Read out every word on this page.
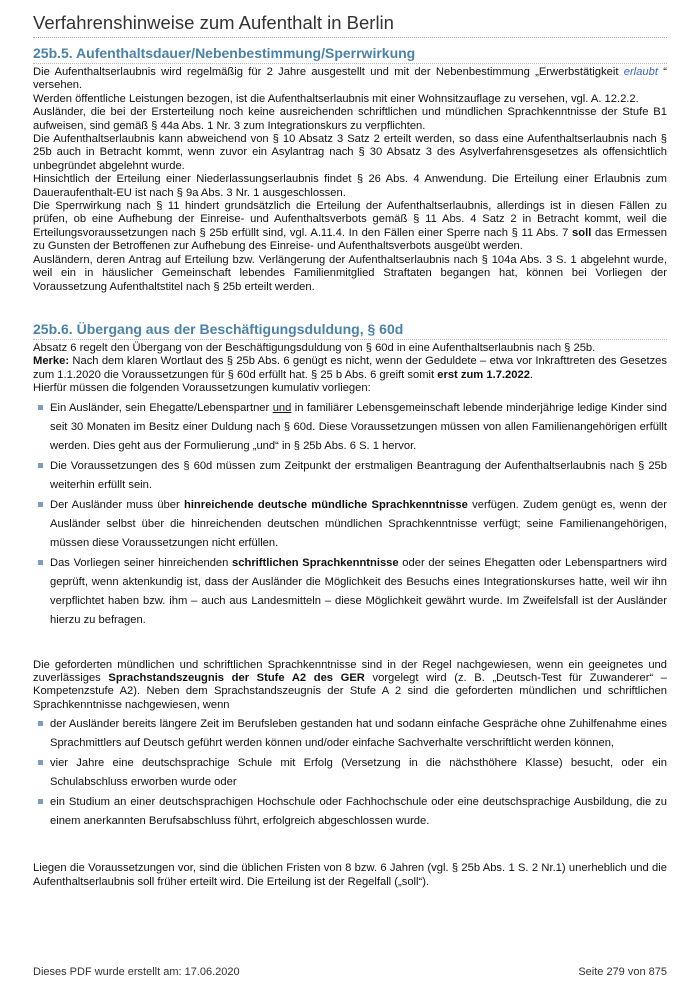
Verfahrenshinweise zum Aufenthalt in Berlin
25b.5. Aufenthaltsdauer/Nebenbestimmung/Sperrwirkung

Die Aufenthaltserlaubnis wird regelmäßig für 2 Jahre ausgestellt und mit der Nebenbestimmung „Erwerbstätigkeit erlaubt “ versehen.

Werden öffentliche Leistungen bezogen, ist die Aufenthaltserlaubnis mit einer Wohnsitzauflage zu versehen, vgl. A. 12.2.2.

Ausländer, die bei der Ersterteilung noch keine ausreichenden schriftlichen und mündlichen Sprachkenntnisse der Stufe B1 aufweisen, sind gemäß § 44a Abs. 1 Nr. 3 zum Integrationskurs zu verpflichten.

Die Aufenthaltserlaubnis kann abweichend von § 10 Absatz 3 Satz 2 erteilt werden, so dass eine Aufenthaltserlaubnis nach § 25b auch in Betracht kommt, wenn zuvor ein Asylantrag nach § 30 Absatz 3 des Asylverfahrensgesetzes als offensichtlich unbegründet abgelehnt wurde.

Hinsichtlich der Erteilung einer Niederlassungserlaubnis findet § 26 Abs. 4 Anwendung. Die Erteilung einer Erlaubnis zum Daueraufenthalt-EU ist nach § 9a Abs. 3 Nr. 1 ausgeschlossen.

Die Sperrwirkung nach § 11 hindert grundsätzlich die Erteilung der Aufenthaltserlaubnis, allerdings ist in diesen Fällen zu prüfen, ob eine Aufhebung der Einreise- und Aufenthaltsverbots gemäß § 11 Abs. 4 Satz 2 in Betracht kommt, weil die Erteilungsvoraussetzungen nach § 25b erfüllt sind, vgl. A.11.4. In den Fällen einer Sperre nach § 11 Abs. 7 soll das Ermessen zu Gunsten der Betroffenen zur Aufhebung des Einreise- und Aufenthaltsverbots ausgeübt werden.

Ausländern, deren Antrag auf Erteilung bzw. Verlängerung der Aufenthaltserlaubnis nach § 104a Abs. 3 S. 1 abgelehnt wurde, weil ein in häuslicher Gemeinschaft lebendes Familienmitglied Straftaten begangen hat, können bei Vorliegen der Voraussetzung Aufenthaltstitel nach § 25b erteilt werden.

25b.6. Übergang aus der Beschäftigungsduldung, § 60d

Absatz 6 regelt den Übergang von der Beschäftigungsduldung von § 60d in eine Aufenthaltserlaubnis nach § 25b.

Merke: Nach dem klaren Wortlaut des § 25b Abs. 6 genügt es nicht, wenn der Geduldete – etwa vor Inkrafttreten des Gesetzes zum 1.1.2020 die Voraussetzungen für § 60d erfüllt hat. § 25 b Abs. 6 greift somit erst zum 1.7.2022.

Hierfür müssen die folgenden Voraussetzungen kumulativ vorliegen:

Ein Ausländer, sein Ehegatte/Lebenspartner und in familiärer Lebensgemeinschaft lebende minderjährige ledige Kinder sind seit 30 Monaten im Besitz einer Duldung nach § 60d. Diese Voraussetzungen müssen von allen Familienangehörigen erfüllt werden. Dies geht aus der Formulierung „und“ in § 25b Abs. 6 S. 1 hervor.
Die Voraussetzungen des § 60d müssen zum Zeitpunkt der erstmaligen Beantragung der Aufenthaltserlaubnis nach § 25b weiterhin erfüllt sein.
Der Ausländer muss über hinreichende deutsche mündliche Sprachkenntnisse verfügen. Zudem genügt es, wenn der Ausländer selbst über die hinreichenden deutschen mündlichen Sprachkenntnisse verfügt; seine Familienangehörigen, müssen diese Voraussetzungen nicht erfüllen.
Das Vorliegen seiner hinreichenden schriftlichen Sprachkenntnisse oder der seines Ehegatten oder Lebenspartners wird geprüft, wenn aktenkundig ist, dass der Ausländer die Möglichkeit des Besuchs eines Integrationskurses hatte, weil wir ihn verpflichtet haben bzw. ihm – auch aus Landesmitteln – diese Möglichkeit gewährt wurde. Im Zweifelsfall ist der Ausländer hierzu zu befragen.

Die geforderten mündlichen und schriftlichen Sprachkenntnisse sind in der Regel nachgewiesen, wenn ein geeignetes und zuverlässiges Sprachstandszeugnis der Stufe A2 des GER vorgelegt wird (z. B. „Deutsch-Test für Zuwanderer“ – Kompetenzstufe A2). Neben dem Sprachstandszeugnis der Stufe A 2 sind die geforderten mündlichen und schriftlichen Sprachkenntnisse nachgewiesen, wenn

der Ausländer bereits längere Zeit im Berufsleben gestanden hat und sodann einfache Gespräche ohne Zuhilfenahme eines Sprachmittlers auf Deutsch geführt werden können und/oder einfache Sachverhalte verschriftlicht werden können,
vier Jahre eine deutschsprachige Schule mit Erfolg (Versetzung in die nächsthöhere Klasse) besucht, oder ein Schulabschluss erworben wurde oder
ein Studium an einer deutschsprachigen Hochschule oder Fachhochschule oder eine deutschsprachige Ausbildung, die zu einem anerkannten Berufsabschluss führt, erfolgreich abgeschlossen wurde.

Liegen die Voraussetzungen vor, sind die üblichen Fristen von 8 bzw. 6 Jahren (vgl. § 25b Abs. 1 S. 2 Nr.1) unerheblich und die Aufenthaltserlaubnis soll früher erteilt wird. Die Erteilung ist der Regelfall („soll“).

Dieses PDF wurde erstellt am: 17.06.2020	Seite 279 von 875
